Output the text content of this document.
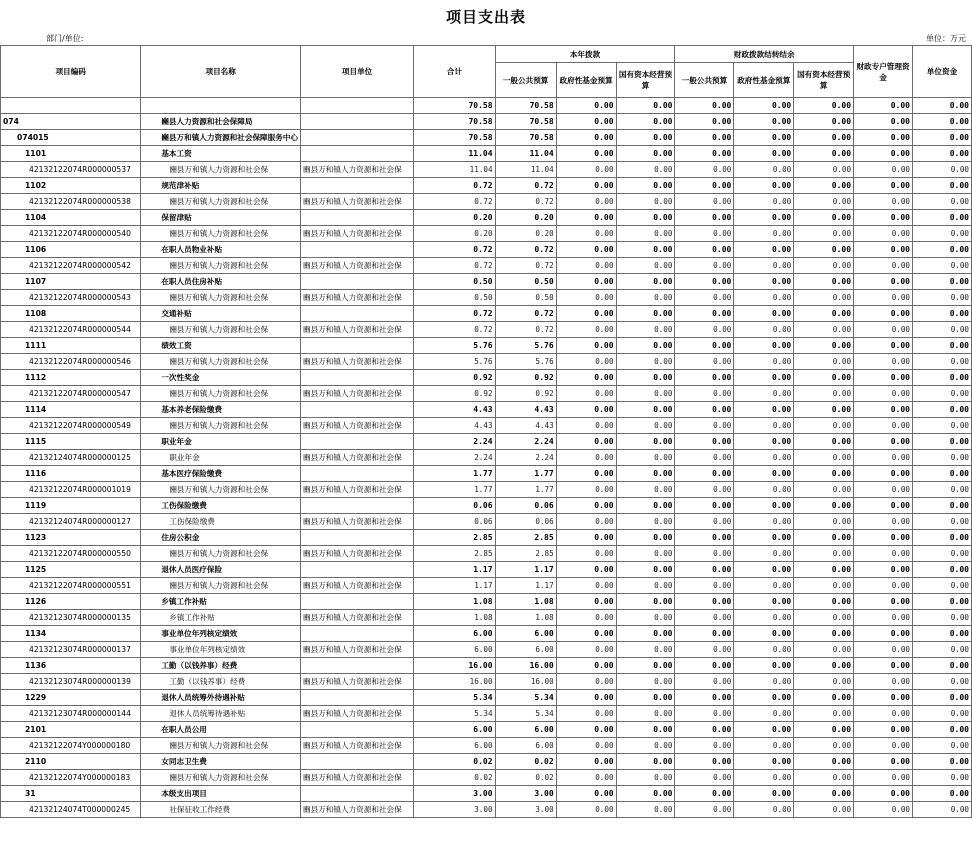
项目支出表
部门/单位:	单位：万元
项目编码	项目名称	项目单位	合计	本年拨款			财政拨款结转结余			财政专户管理资金	单位资金
				一般公共预算	政府性基金预算	国有资本经营预算	一般公共预算	政府性基金预算	国有资本经营预算		
			70.58	70.58	0.00	0.00	0.00	0.00	0.00	0.00	0.00
074	豳县人力资源和社会保障局		70.58	70.58	0.00	0.00	0.00	0.00	0.00	0.00	0.00
074015	豳县万和镇人力资源和社会保障服务中心		70.58	70.58	0.00	0.00	0.00	0.00	0.00	0.00	0.00
1101	基本工资		11.04	11.04	0.00	0.00	0.00	0.00	0.00	0.00	0.00
42132122074R000000537	豳县万和镇人力资源和社会保	豳县万和镇人力资源和社会保	11.04	11.04	0.00	0.00	0.00	0.00	0.00	0.00	0.00
1102	规范津补贴		0.72	0.72	0.00	0.00	0.00	0.00	0.00	0.00	0.00
42132122074R000000538	豳县万和镇人力资源和社会保	豳县万和镇人力资源和社会保	0.72	0.72	0.00	0.00	0.00	0.00	0.00	0.00	0.00
1104	保留津贴		0.20	0.20	0.00	0.00	0.00	0.00	0.00	0.00	0.00
42132122074R000000540	豳县万和镇人力资源和社会保	豳县万和镇人力资源和社会保	0.20	0.20	0.00	0.00	0.00	0.00	0.00	0.00	0.00
1106	在职人员物业补贴		0.72	0.72	0.00	0.00	0.00	0.00	0.00	0.00	0.00
42132122074R000000542	豳县万和镇人力资源和社会保	豳县万和镇人力资源和社会保	0.72	0.72	0.00	0.00	0.00	0.00	0.00	0.00	0.00
1107	在职人员住房补贴		0.50	0.50	0.00	0.00	0.00	0.00	0.00	0.00	0.00
42132122074R000000543	豳县万和镇人力资源和社会保	豳县万和镇人力资源和社会保	0.50	0.50	0.00	0.00	0.00	0.00	0.00	0.00	0.00
1108	交通补贴		0.72	0.72	0.00	0.00	0.00	0.00	0.00	0.00	0.00
42132122074R000000544	豳县万和镇人力资源和社会保	豳县万和镇人力资源和社会保	0.72	0.72	0.00	0.00	0.00	0.00	0.00	0.00	0.00
1111	绩效工资		5.76	5.76	0.00	0.00	0.00	0.00	0.00	0.00	0.00
42132122074R000000546	豳县万和镇人力资源和社会保	豳县万和镇人力资源和社会保	5.76	5.76	0.00	0.00	0.00	0.00	0.00	0.00	0.00
1112	一次性奖金		0.92	0.92	0.00	0.00	0.00	0.00	0.00	0.00	0.00
42132122074R000000547	豳县万和镇人力资源和社会保	豳县万和镇人力资源和社会保	0.92	0.92	0.00	0.00	0.00	0.00	0.00	0.00	0.00
1114	基本养老保险缴费		4.43	4.43	0.00	0.00	0.00	0.00	0.00	0.00	0.00
42132122074R000000549	豳县万和镇人力资源和社会保	豳县万和镇人力资源和社会保	4.43	4.43	0.00	0.00	0.00	0.00	0.00	0.00	0.00
1115	职业年金		2.24	2.24	0.00	0.00	0.00	0.00	0.00	0.00	0.00
42132124074R000000125	职业年金	豳县万和镇人力资源和社会保	2.24	2.24	0.00	0.00	0.00	0.00	0.00	0.00	0.00
1116	基本医疗保险缴费		1.77	1.77	0.00	0.00	0.00	0.00	0.00	0.00	0.00
42132122074R000001019	豳县万和镇人力资源和社会保	豳县万和镇人力资源和社会保	1.77	1.77	0.00	0.00	0.00	0.00	0.00	0.00	0.00
1119	工伤保险缴费		0.06	0.06	0.00	0.00	0.00	0.00	0.00	0.00	0.00
42132124074R000000127	工伤保险缴费	豳县万和镇人力资源和社会保	0.06	0.06	0.00	0.00	0.00	0.00	0.00	0.00	0.00
1123	住房公积金		2.85	2.85	0.00	0.00	0.00	0.00	0.00	0.00	0.00
42132122074R000000550	豳县万和镇人力资源和社会保	豳县万和镇人力资源和社会保	2.85	2.85	0.00	0.00	0.00	0.00	0.00	0.00	0.00
1125	退休人员医疗保险		1.17	1.17	0.00	0.00	0.00	0.00	0.00	0.00	0.00
42132122074R000000551	豳县万和镇人力资源和社会保	豳县万和镇人力资源和社会保	1.17	1.17	0.00	0.00	0.00	0.00	0.00	0.00	0.00
1126	乡镇工作补贴		1.08	1.08	0.00	0.00	0.00	0.00	0.00	0.00	0.00
42132123074R000000135	乡镇工作补贴	豳县万和镇人力资源和社会保	1.08	1.08	0.00	0.00	0.00	0.00	0.00	0.00	0.00
1134	事业单位年列核定绩效		6.00	6.00	0.00	0.00	0.00	0.00	0.00	0.00	0.00
42132123074R000000137	事业单位年列核定绩效	豳县万和镇人力资源和社会保	6.00	6.00	0.00	0.00	0.00	0.00	0.00	0.00	0.00
1136	工勤（以钱养事）经费		16.00	16.00	0.00	0.00	0.00	0.00	0.00	0.00	0.00
42132123074R000000139	工勤（以钱养事）经费	豳县万和镇人力资源和社会保	16.00	16.00	0.00	0.00	0.00	0.00	0.00	0.00	0.00
1229	退休人员统筹外待遇补贴		5.34	5.34	0.00	0.00	0.00	0.00	0.00	0.00	0.00
42132123074R000000144	退休人员统筹待遇补贴	豳县万和镇人力资源和社会保	5.34	5.34	0.00	0.00	0.00	0.00	0.00	0.00	0.00
2101	在职人员公用		6.00	6.00	0.00	0.00	0.00	0.00	0.00	0.00	0.00
42132122074Y000000180	豳县万和镇人力资源和社会保	豳县万和镇人力资源和社会保	6.00	6.00	0.00	0.00	0.00	0.00	0.00	0.00	0.00
2110	女同志卫生费		0.02	0.02	0.00	0.00	0.00	0.00	0.00	0.00	0.00
42132122074Y000000183	豳县万和镇人力资源和社会保	豳县万和镇人力资源和社会保	0.02	0.02	0.00	0.00	0.00	0.00	0.00	0.00	0.00
31	本级支出项目		3.00	3.00	0.00	0.00	0.00	0.00	0.00	0.00	0.00
42132124074T000000245	社保征收工作经费	豳县万和镇人力资源和社会保	3.00	3.00	0.00	0.00	0.00	0.00	0.00	0.00	0.00
